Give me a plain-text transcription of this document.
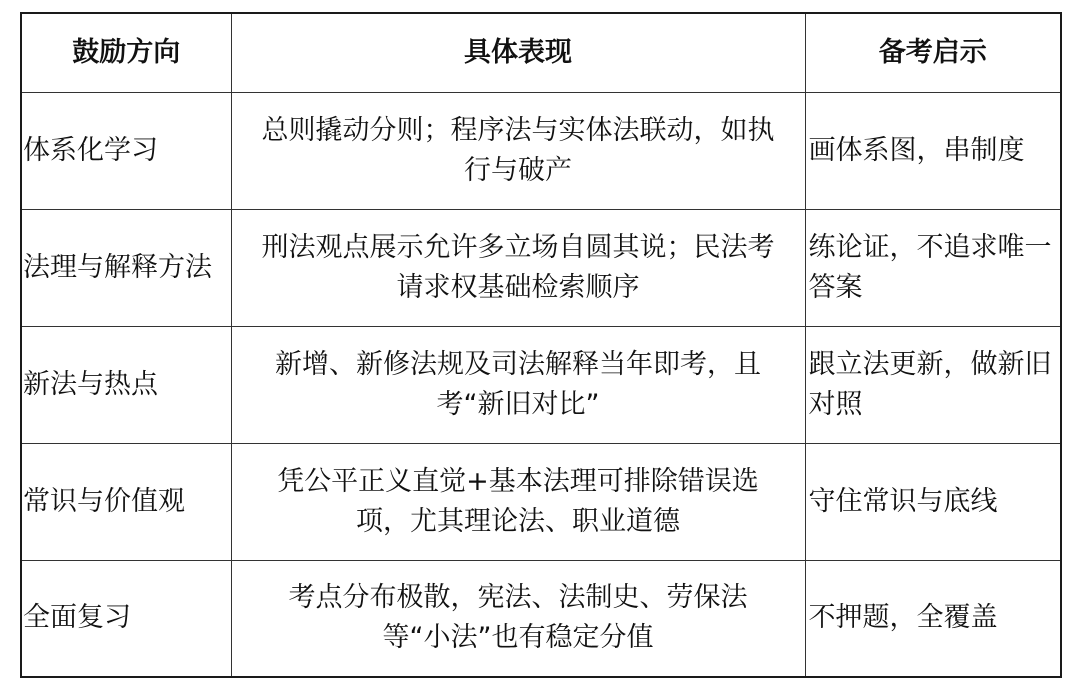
鼓励方向	具体表现	备考启示
体系化学习	总则撬动分则；程序法与实体法联动，如执行与破产	画体系图，串制度
法理与解释方法	刑法观点展示允许多立场自圆其说；民法考请求权基础检索顺序	练论证，不追求唯一答案
新法与热点	新增、新修法规及司法解释当年即考，且考“新旧对比”	跟立法更新，做新旧对照
常识与价值观	凭公平正义直觉+基本法理可排除错误选项，尤其理论法、职业道德	守住常识与底线
全面复习	考点分布极散，宪法、法制史、劳保法等“小法”也有稳定分值	不押题，全覆盖
